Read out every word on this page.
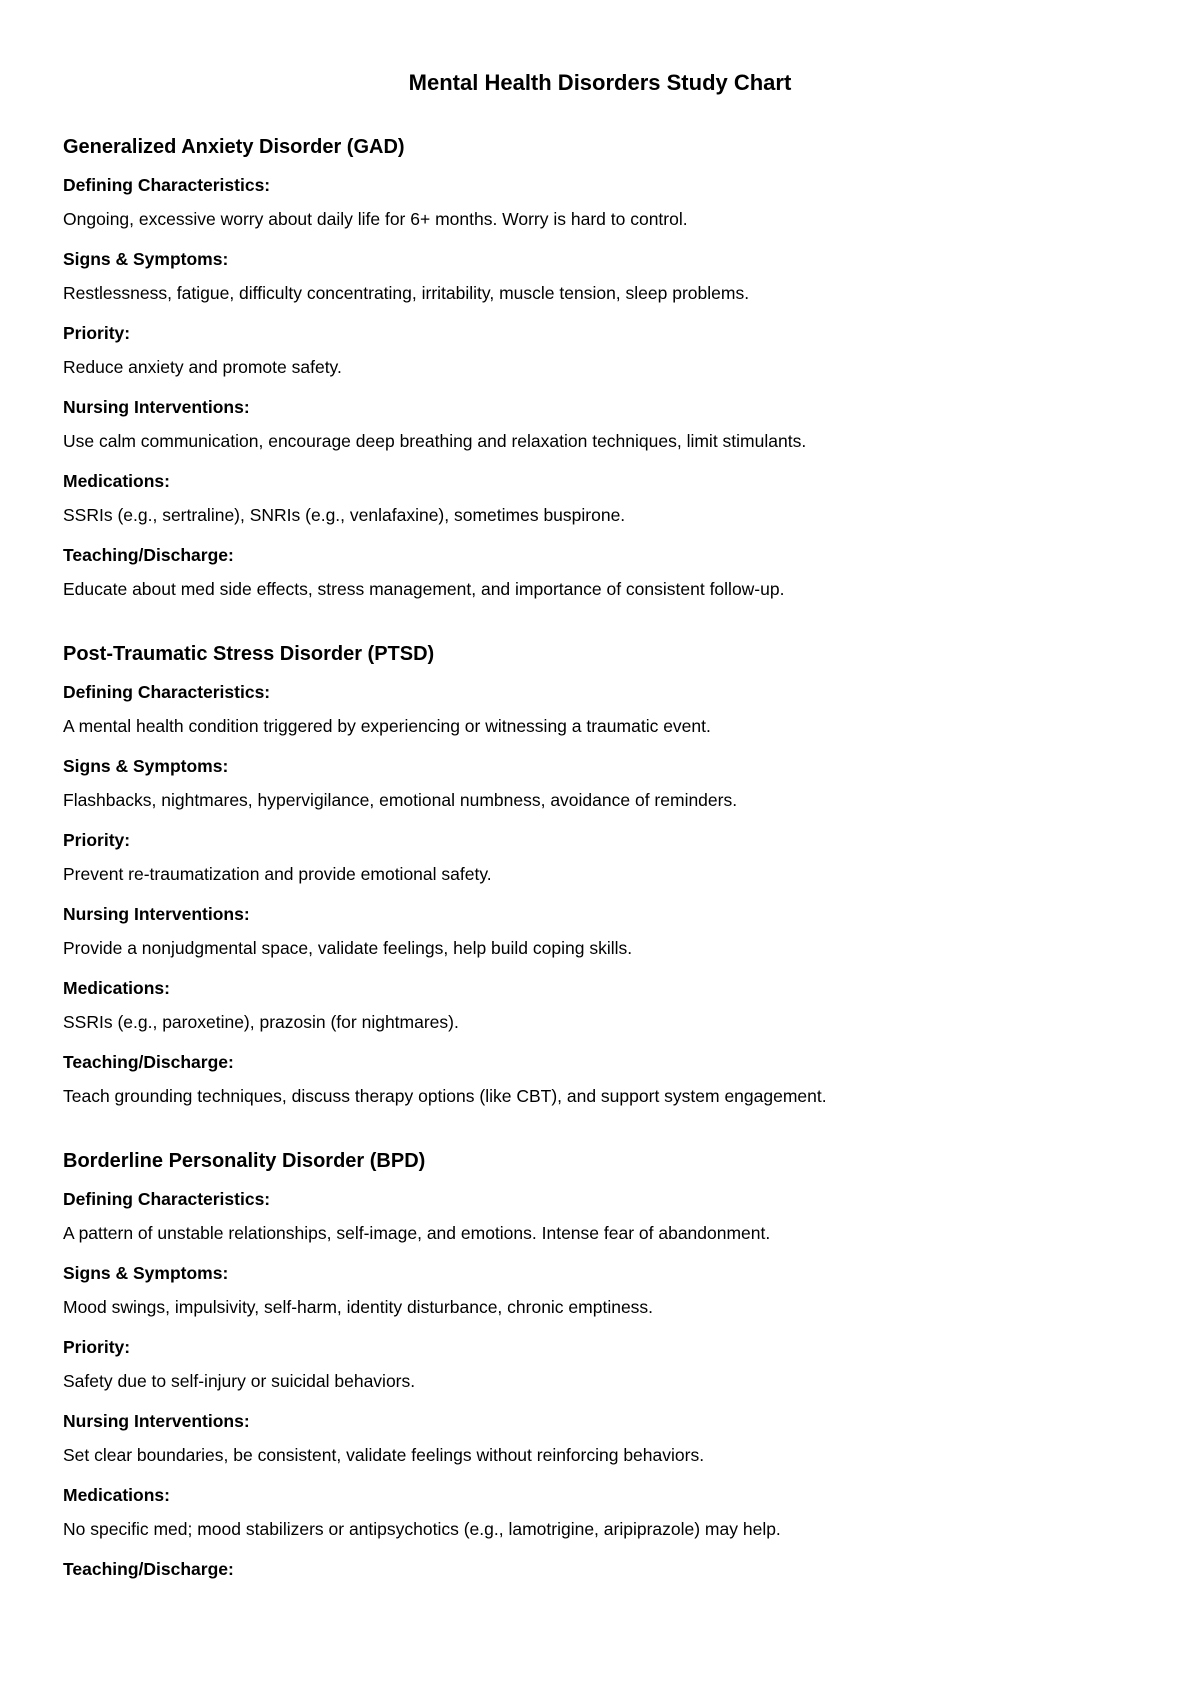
Mental Health Disorders Study Chart
Generalized Anxiety Disorder (GAD)
Defining Characteristics:
Ongoing, excessive worry about daily life for 6+ months. Worry is hard to control.
Signs & Symptoms:
Restlessness, fatigue, difficulty concentrating, irritability, muscle tension, sleep problems.
Priority:
Reduce anxiety and promote safety.
Nursing Interventions:
Use calm communication, encourage deep breathing and relaxation techniques, limit stimulants.
Medications:
SSRIs (e.g., sertraline), SNRIs (e.g., venlafaxine), sometimes buspirone.
Teaching/Discharge:
Educate about med side effects, stress management, and importance of consistent follow-up.
Post-Traumatic Stress Disorder (PTSD)
Defining Characteristics:
A mental health condition triggered by experiencing or witnessing a traumatic event.
Signs & Symptoms:
Flashbacks, nightmares, hypervigilance, emotional numbness, avoidance of reminders.
Priority:
Prevent re-traumatization and provide emotional safety.
Nursing Interventions:
Provide a nonjudgmental space, validate feelings, help build coping skills.
Medications:
SSRIs (e.g., paroxetine), prazosin (for nightmares).
Teaching/Discharge:
Teach grounding techniques, discuss therapy options (like CBT), and support system engagement.
Borderline Personality Disorder (BPD)
Defining Characteristics:
A pattern of unstable relationships, self-image, and emotions. Intense fear of abandonment.
Signs & Symptoms:
Mood swings, impulsivity, self-harm, identity disturbance, chronic emptiness.
Priority:
Safety due to self-injury or suicidal behaviors.
Nursing Interventions:
Set clear boundaries, be consistent, validate feelings without reinforcing behaviors.
Medications:
No specific med; mood stabilizers or antipsychotics (e.g., lamotrigine, aripiprazole) may help.
Teaching/Discharge:
